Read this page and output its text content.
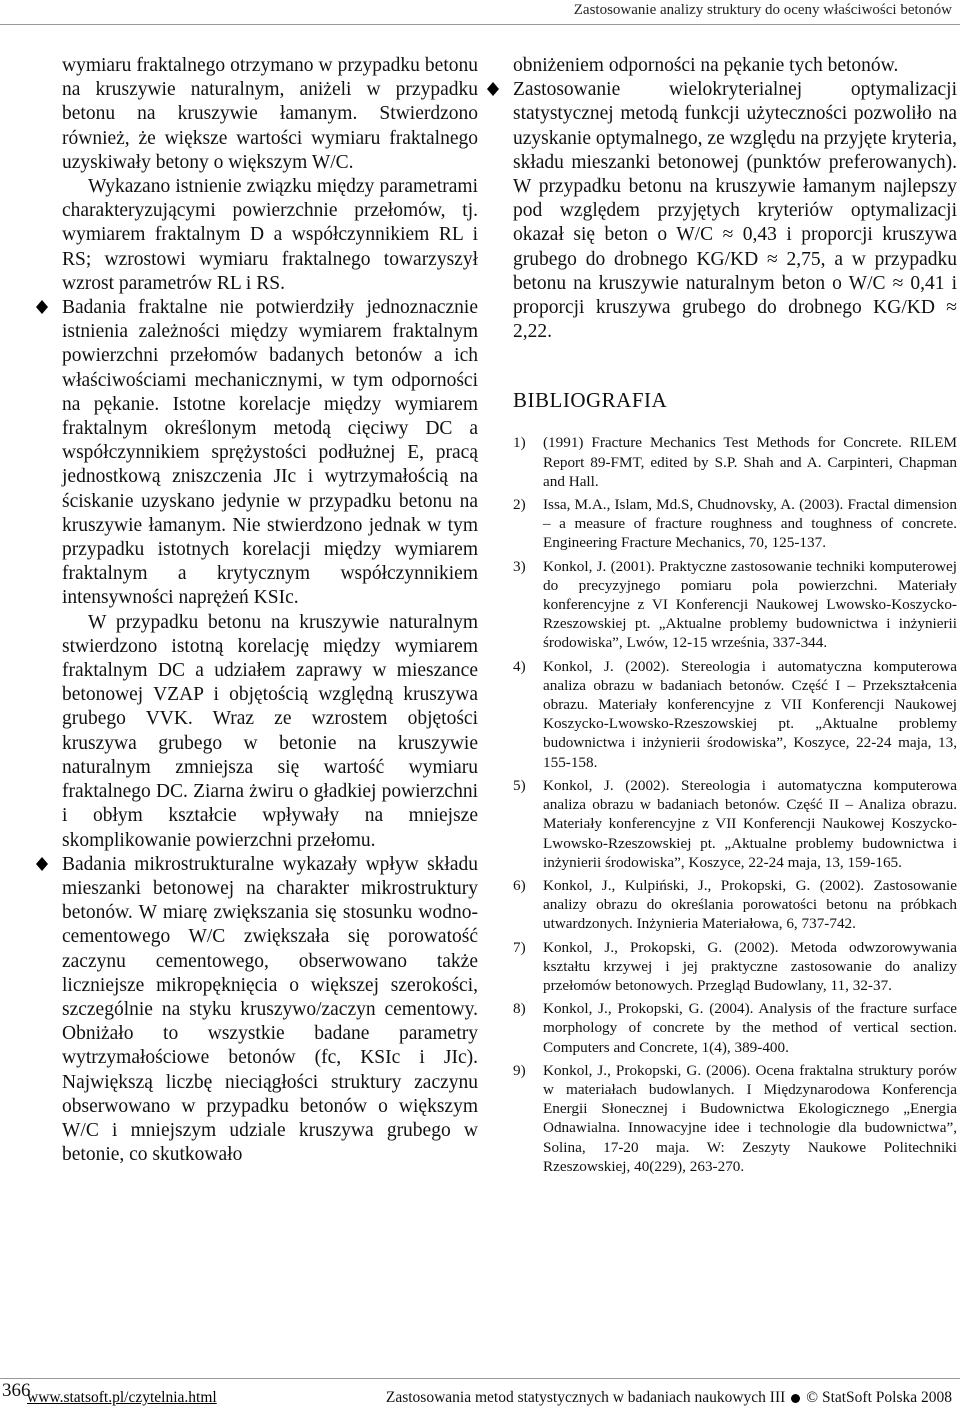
Zastosowanie analizy struktury do oceny właściwości betonów

wymiaru fraktalnego otrzymano w przypadku betonu na kruszywie naturalnym, aniżeli w przypadku betonu na kruszywie łamanym. Stwierdzono również, że większe wartości wymiaru fraktalnego uzyskiwały betony o większym W/C.

Wykazano istnienie związku między parametrami charakteryzującymi powierzchnie przełomów, tj. wymiarem fraktalnym D a współczynnikiem RL i RS; wzrostowi wymiaru fraktalnego towarzyszył wzrost parametrów RL i RS.

Badania fraktalne nie potwierdziły jednoznacznie istnienia zależności między wymiarem fraktalnym powierzchni przełomów badanych betonów a ich właściwościami mechanicznymi, w tym odporności na pękanie. Istotne korelacje między wymiarem fraktalnym określonym metodą cięciwy DC a współczynnikiem sprężystości podłużnej E, pracą jednostkową zniszczenia JIc i wytrzymałością na ściskanie uzyskano jedynie w przypadku betonu na kruszywie łamanym. Nie stwierdzono jednak w tym przypadku istotnych korelacji między wymiarem fraktalnym a krytycznym współczynnikiem intensywności naprężeń KSIc.

W przypadku betonu na kruszywie naturalnym stwierdzono istotną korelację między wymiarem fraktalnym DC a udziałem zaprawy w mieszance betonowej VZAP i objętością względną kruszywa grubego VVK. Wraz ze wzrostem objętości kruszywa grubego w betonie na kruszywie naturalnym zmniejsza się wartość wymiaru fraktalnego DC. Ziarna żwiru o gładkiej powierzchni i obłym kształcie wpływały na mniejsze skomplikowanie powierzchni przełomu.

Badania mikrostrukturalne wykazały wpływ składu mieszanki betonowej na charakter mikrostruktury betonów. W miarę zwiększania się stosunku wodno-cementowego W/C zwiększała się porowatość zaczynu cementowego, obserwowano także liczniejsze mikropęknięcia o większej szerokości, szczególnie na styku kruszywo/zaczyn cementowy. Obniżało to wszystkie badane parametry wytrzymałościowe betonów (fc, KSIc i JIc). Największą liczbę nieciągłości struktury zaczynu obserwowano w przypadku betonów o większym W/C i mniejszym udziale kruszywa grubego w betonie, co skutkowało

obniżeniem odporności na pękanie tych betonów.

Zastosowanie wielokryterialnej optymalizacji statystycznej metodą funkcji użyteczności pozwoliło na uzyskanie optymalnego, ze względu na przyjęte kryteria, składu mieszanki betonowej (punktów preferowanych). W przypadku betonu na kruszywie łamanym najlepszy pod względem przyjętych kryteriów optymalizacji okazał się beton o W/C ≈ 0,43 i proporcji kruszywa grubego do drobnego KG/KD ≈ 2,75, a w przypadku betonu na kruszywie naturalnym beton o W/C ≈ 0,41 i proporcji kruszywa grubego do drobnego KG/KD ≈ 2,22.

BIBLIOGRAFIA
1) (1991) Fracture Mechanics Test Methods for Concrete. RILEM Report 89-FMT, edited by S.P. Shah and A. Carpinteri, Chapman and Hall.
2) Issa, M.A., Islam, Md.S, Chudnovsky, A. (2003). Fractal dimension – a measure of fracture roughness and toughness of concrete. Engineering Fracture Mechanics, 70, 125-137.
3) Konkol, J. (2001). Praktyczne zastosowanie techniki komputerowej do precyzyjnego pomiaru pola powierzchni. Materiały konferencyjne z VI Konferencji Naukowej Lwowsko-Koszycko-Rzeszowskiej pt. „Aktualne problemy budownictwa i inżynierii środowiska”, Lwów, 12-15 września, 337-344.
4) Konkol, J. (2002). Stereologia i automatyczna komputerowa analiza obrazu w badaniach betonów. Część I – Przekształcenia obrazu. Materiały konferencyjne z VII Konferencji Naukowej Koszycko-Lwowsko-Rzeszowskiej pt. „Aktualne problemy budownictwa i inżynierii środowiska”, Koszyce, 22-24 maja, 13, 155-158.
5) Konkol, J. (2002). Stereologia i automatyczna komputerowa analiza obrazu w badaniach betonów. Część II – Analiza obrazu. Materiały konferencyjne z VII Konferencji Naukowej Koszycko-Lwowsko-Rzeszowskiej pt. „Aktualne problemy budownictwa i inżynierii środowiska”, Koszyce, 22-24 maja, 13, 159-165.
6) Konkol, J., Kulpiński, J., Prokopski, G. (2002). Zastosowanie analizy obrazu do określania porowatości betonu na próbkach utwardzonych. Inżynieria Materiałowa, 6, 737-742.
7) Konkol, J., Prokopski, G. (2002). Metoda odwzorowywania kształtu krzywej i jej praktyczne zastosowanie do analizy przełomów betonowych. Przegląd Budowlany, 11, 32-37.
8) Konkol, J., Prokopski, G. (2004). Analysis of the fracture surface morphology of concrete by the method of vertical section. Computers and Concrete, 1(4), 389-400.
9) Konkol, J., Prokopski, G. (2006). Ocena fraktalna struktury porów w materiałach budowlanych. I Międzynarodowa Konferencja Energii Słonecznej i Budownictwa Ekologicznego „Energia Odnawialna. Innowacyjne idee i technologie dla budownictwa”, Solina, 17-20 maja. W: Zeszyty Naukowe Politechniki Rzeszowskiej, 40(229), 263-270.
366
www.statsoft.pl/czytelnia.html	Zastosowania metod statystycznych w badaniach naukowych III © StatSoft Polska 2008
